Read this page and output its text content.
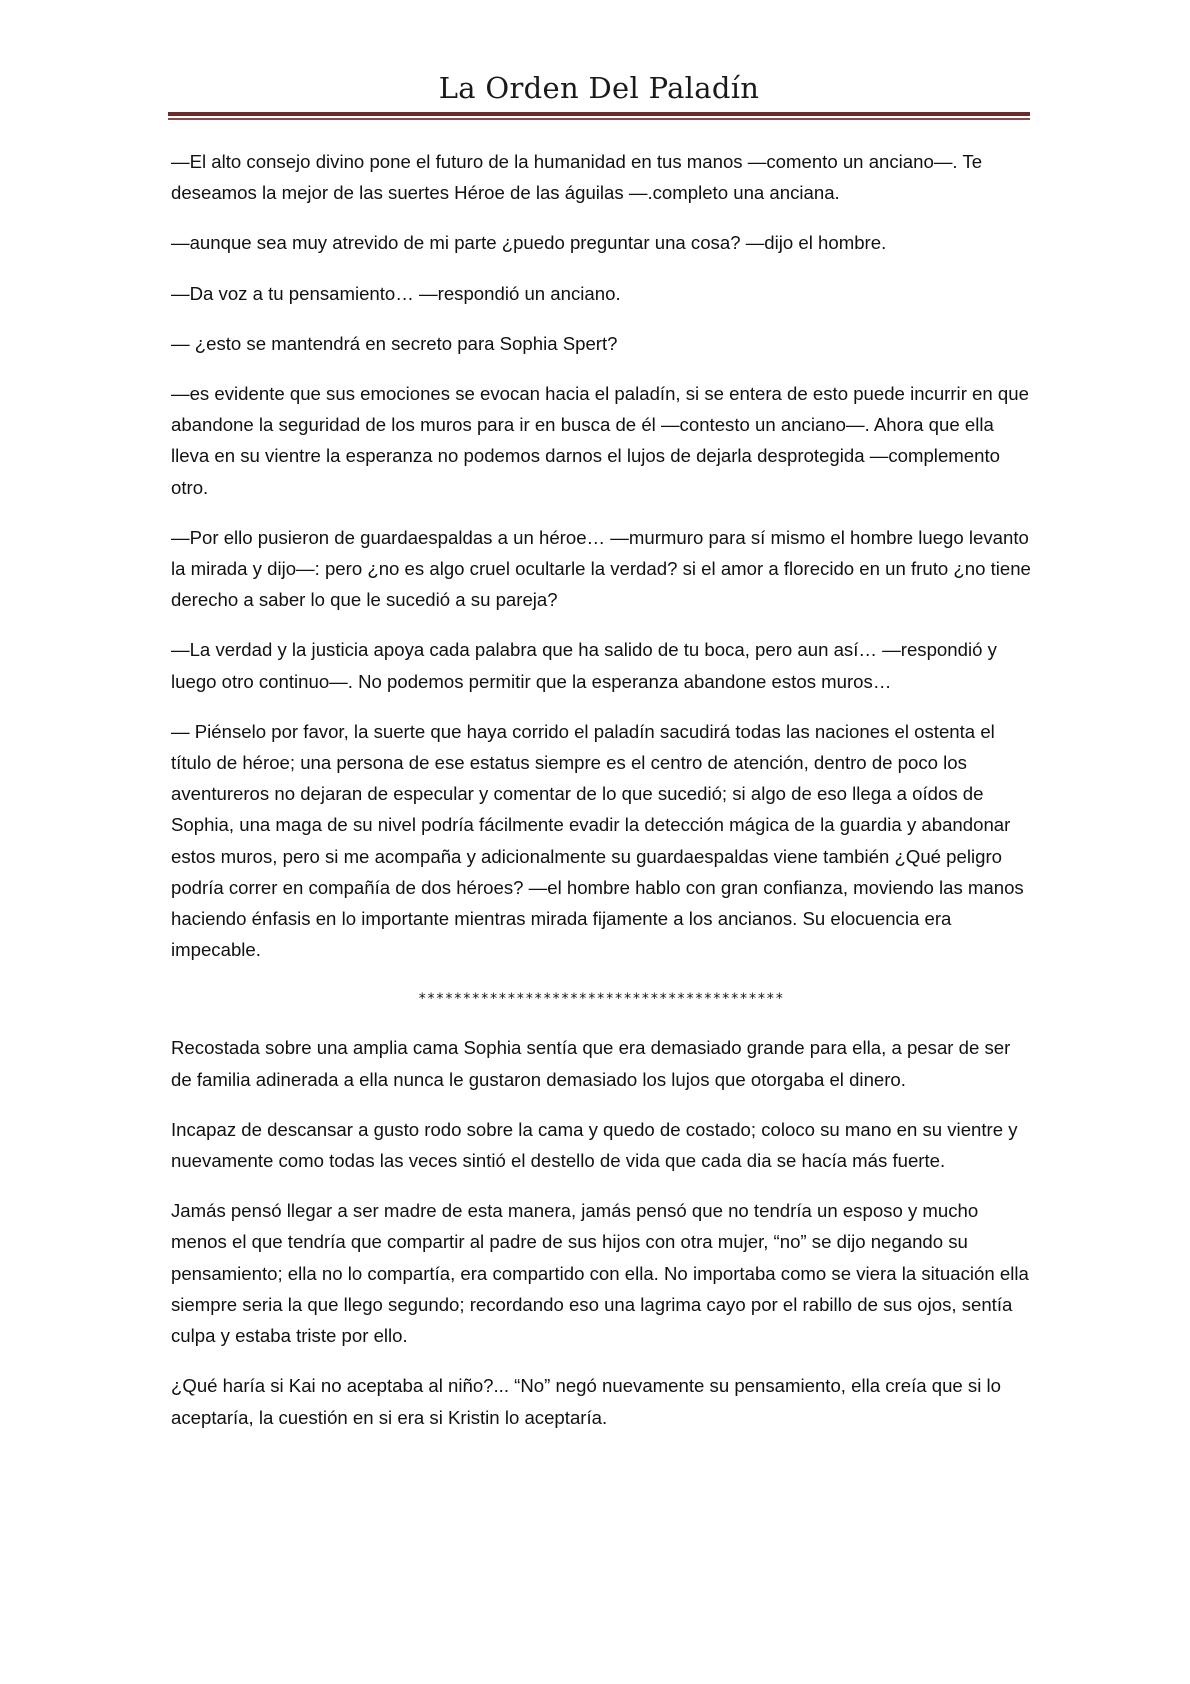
La Orden Del Paladín

—El alto consejo divino pone el futuro de la humanidad en tus manos —comento un anciano—. Te deseamos la mejor de las suertes Héroe de las águilas —.completo una anciana.

—aunque sea muy atrevido de mi parte ¿puedo preguntar una cosa? —dijo el hombre.

—Da voz a tu pensamiento… —respondió un anciano.

— ¿esto se mantendrá en secreto para Sophia Spert?

—es evidente que sus emociones se evocan hacia el paladín, si se entera de esto puede incurrir en que abandone la seguridad de los muros para ir en busca de él —contesto un anciano—. Ahora que ella lleva en su vientre la esperanza no podemos darnos el lujos de dejarla desprotegida —complemento otro.

—Por ello pusieron de guardaespaldas a un héroe… —murmuro para sí mismo el hombre luego levanto la mirada y dijo—: pero ¿no es algo cruel ocultarle la verdad? si el amor a florecido en un fruto ¿no tiene derecho a saber lo que le sucedió a su pareja?

—La verdad y la justicia apoya cada palabra que ha salido de tu boca, pero aun así… —respondió y luego otro continuo—. No podemos permitir que la esperanza abandone estos muros…

— Piénselo por favor, la suerte que haya corrido el paladín sacudirá todas las naciones el ostenta el título de héroe; una persona de ese estatus siempre es el centro de atención, dentro de poco los aventureros no dejaran de especular y comentar de lo que sucedió; si algo de eso llega a oídos de Sophia, una maga de su nivel podría fácilmente evadir la detección mágica de la guardia y abandonar estos muros, pero si me acompaña y adicionalmente su guardaespaldas viene también ¿Qué peligro podría correr en compañía de dos héroes? —el hombre hablo con gran confianza, moviendo las manos haciendo énfasis en lo importante mientras mirada fijamente a los ancianos. Su elocuencia era impecable.

*****************************************

Recostada sobre una amplia cama Sophia sentía que era demasiado grande para ella, a pesar de ser de familia adinerada a ella nunca le gustaron demasiado los lujos que otorgaba el dinero.

Incapaz de descansar a gusto rodo sobre la cama y quedo de costado; coloco su mano en su vientre y nuevamente como todas las veces sintió el destello de vida que cada dia se hacía más fuerte.

Jamás pensó llegar a ser madre de esta manera, jamás pensó que no tendría un esposo y mucho menos el que tendría que compartir al padre de sus hijos con otra mujer, “no” se dijo negando su pensamiento; ella no lo compartía, era compartido con ella. No importaba como se viera la situación ella siempre seria la que llego segundo; recordando eso una lagrima cayo por el rabillo de sus ojos, sentía culpa y estaba triste por ello.

¿Qué haría si Kai no aceptaba al niño?... “No” negó nuevamente su pensamiento, ella creía que si lo aceptaría, la cuestión en si era si Kristin lo aceptaría.
